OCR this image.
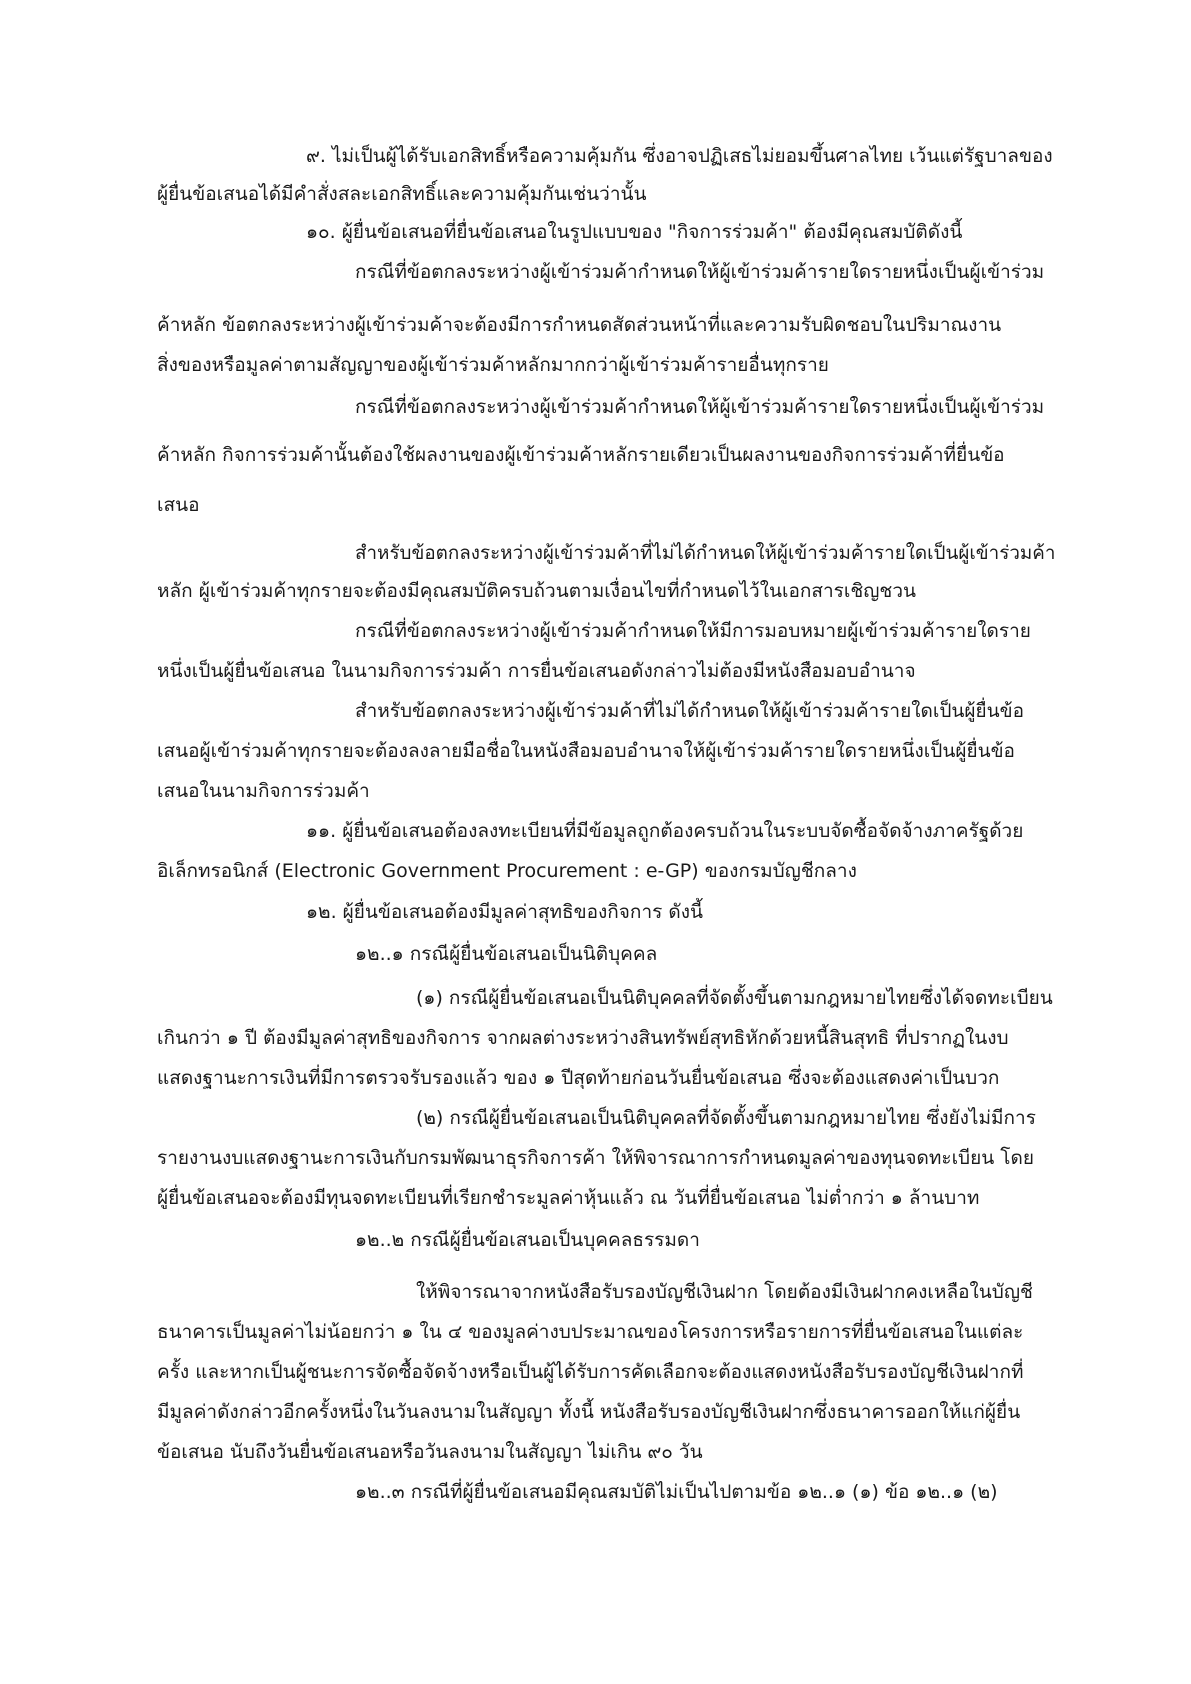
๙. ไม่เป็นผู้ได้รับเอกสิทธิ์หรือความคุ้มกัน ซึ่งอาจปฏิเสธไม่ยอมขึ้นศาลไทย เว้นแต่รัฐบาลของ
ผู้ยื่นข้อเสนอได้มีคำสั่งสละเอกสิทธิ์และความคุ้มกันเช่นว่านั้น
๑๐. ผู้ยื่นข้อเสนอที่ยื่นข้อเสนอในรูปแบบของ "กิจการร่วมค้า" ต้องมีคุณสมบัติดังนี้
กรณีที่ข้อตกลงระหว่างผู้เข้าร่วมค้ากำหนดให้ผู้เข้าร่วมค้ารายใดรายหนึ่งเป็นผู้เข้าร่วม
ค้าหลัก ข้อตกลงระหว่างผู้เข้าร่วมค้าจะต้องมีการกำหนดสัดส่วนหน้าที่และความรับผิดชอบในปริมาณงาน
สิ่งของหรือมูลค่าตามสัญญาของผู้เข้าร่วมค้าหลักมากกว่าผู้เข้าร่วมค้ารายอื่นทุกราย
กรณีที่ข้อตกลงระหว่างผู้เข้าร่วมค้ากำหนดให้ผู้เข้าร่วมค้ารายใดรายหนึ่งเป็นผู้เข้าร่วม
ค้าหลัก กิจการร่วมค้านั้นต้องใช้ผลงานของผู้เข้าร่วมค้าหลักรายเดียวเป็นผลงานของกิจการร่วมค้าที่ยื่นข้อ
เสนอ
สำหรับข้อตกลงระหว่างผู้เข้าร่วมค้าที่ไม่ได้กำหนดให้ผู้เข้าร่วมค้ารายใดเป็นผู้เข้าร่วมค้า
หลัก ผู้เข้าร่วมค้าทุกรายจะต้องมีคุณสมบัติครบถ้วนตามเงื่อนไขที่กำหนดไว้ในเอกสารเชิญชวน
กรณีที่ข้อตกลงระหว่างผู้เข้าร่วมค้ากำหนดให้มีการมอบหมายผู้เข้าร่วมค้ารายใดราย
หนึ่งเป็นผู้ยื่นข้อเสนอ ในนามกิจการร่วมค้า การยื่นข้อเสนอดังกล่าวไม่ต้องมีหนังสือมอบอำนาจ
สำหรับข้อตกลงระหว่างผู้เข้าร่วมค้าที่ไม่ได้กำหนดให้ผู้เข้าร่วมค้ารายใดเป็นผู้ยื่นข้อ
เสนอผู้เข้าร่วมค้าทุกรายจะต้องลงลายมือชื่อในหนังสือมอบอำนาจให้ผู้เข้าร่วมค้ารายใดรายหนึ่งเป็นผู้ยื่นข้อ
เสนอในนามกิจการร่วมค้า
๑๑. ผู้ยื่นข้อเสนอต้องลงทะเบียนที่มีข้อมูลถูกต้องครบถ้วนในระบบจัดซื้อจัดจ้างภาครัฐด้วย
อิเล็กทรอนิกส์ (Electronic Government Procurement : e-GP) ของกรมบัญชีกลาง
๑๒. ผู้ยื่นข้อเสนอต้องมีมูลค่าสุทธิของกิจการ ดังนี้
๑๒..๑ กรณีผู้ยื่นข้อเสนอเป็นนิติบุคคล
(๑) กรณีผู้ยื่นข้อเสนอเป็นนิติบุคคลที่จัดตั้งขึ้นตามกฎหมายไทยซึ่งได้จดทะเบียน
เกินกว่า ๑ ปี ต้องมีมูลค่าสุทธิของกิจการ จากผลต่างระหว่างสินทรัพย์สุทธิหักด้วยหนี้สินสุทธิ ที่ปรากฏในงบ
แสดงฐานะการเงินที่มีการตรวจรับรองแล้ว ของ ๑ ปีสุดท้ายก่อนวันยื่นข้อเสนอ ซึ่งจะต้องแสดงค่าเป็นบวก
(๒) กรณีผู้ยื่นข้อเสนอเป็นนิติบุคคลที่จัดตั้งขึ้นตามกฎหมายไทย ซึ่งยังไม่มีการ
รายงานงบแสดงฐานะการเงินกับกรมพัฒนาธุรกิจการค้า ให้พิจารณาการกำหนดมูลค่าของทุนจดทะเบียน โดย
ผู้ยื่นข้อเสนอจะต้องมีทุนจดทะเบียนที่เรียกชำระมูลค่าหุ้นแล้ว ณ วันที่ยื่นข้อเสนอ ไม่ต่ำกว่า ๑ ล้านบาท
๑๒..๒ กรณีผู้ยื่นข้อเสนอเป็นบุคคลธรรมดา
ให้พิจารณาจากหนังสือรับรองบัญชีเงินฝาก โดยต้องมีเงินฝากคงเหลือในบัญชี
ธนาคารเป็นมูลค่าไม่น้อยกว่า ๑ ใน ๔ ของมูลค่างบประมาณของโครงการหรือรายการที่ยื่นข้อเสนอในแต่ละ
ครั้ง และหากเป็นผู้ชนะการจัดซื้อจัดจ้างหรือเป็นผู้ได้รับการคัดเลือกจะต้องแสดงหนังสือรับรองบัญชีเงินฝากที่
มีมูลค่าดังกล่าวอีกครั้งหนึ่งในวันลงนามในสัญญา ทั้งนี้ หนังสือรับรองบัญชีเงินฝากซึ่งธนาคารออกให้แก่ผู้ยื่น
ข้อเสนอ นับถึงวันยื่นข้อเสนอหรือวันลงนามในสัญญา ไม่เกิน ๙๐ วัน
๑๒..๓ กรณีที่ผู้ยื่นข้อเสนอมีคุณสมบัติไม่เป็นไปตามข้อ ๑๒..๑ (๑) ข้อ ๑๒..๑ (๒)
